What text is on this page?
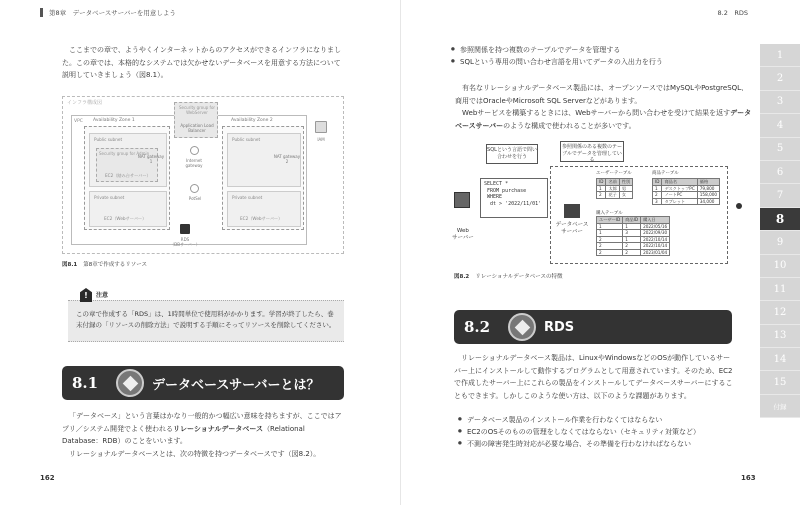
第8章　データベースサーバーを用意しよう

ここまでの章で、ようやくインターネットからのアクセスができるインフラになりました。この章では、本格的なシステムでは欠かせないデータベースを用意する方法について説明していきましょう（図8.1）。

インフラ構成図
VPC	Availability Zone 1
Public subnet
Security group for Admin
EC2（踏み台サーバー）
Private subnet
EC2（Webサーバー）
Availability Zone 2
Public subnet
Private subnet
EC2（Webサーバー）
Security group for WebServer
Application Load Balancer
Internet gateway
PotSel
NAT gateway 1
NAT gateway 2
IAM
RDS
（DBサーバー）
図8.1 第8章で作成するリソース
!	注意
この章で作成する「RDS」は、1時間単位で使用料がかかります。学習が終了したら、巻末付録の「リソースの削除方法」で説明する手順にそってリソースを削除してください。
8.1	データベースサーバーとは？

「データベース」という言葉はかなり一般的かつ幅広い意味を持ちますが、ここではアプリ／システム開発でよく使われるリレーショナルデータベース（Relational Database：RDB）のことをいいます。

リレーショナルデータベースとは、次の特徴を持つデータベースです（図8.2）。

162
8.2　RDS
● 参照関係を持つ複数のテーブルでデータを管理する
● SQLという専用の問い合わせ言語を用いてデータの入出力を行う

有名なリレーショナルデータベース製品には、オープンソースではMySQLやPostgreSQL、商用ではOracleやMicrosoft SQL Serverなどがあります。

Webサービスを構築するときには、Webサーバーから問い合わせを受けて結果を返すデータベースサーバーのような構成で使われることが多いです。

163
SQLという言語で問い合わせを行う
参照関係のある複数のテーブルでデータを管理している
SELECT *
FROM purchase
WHERE
dt > '2022/11/01'
Web
サーバー
データベース
サーバー
ユーザーテーブル
ID	名前	性別
1	太郎	男
2	花子	女
商品テーブル
ID	商品名	価格
1	デスクトップPC	79,800
2	ノートPC	158,000
3	タブレット	34,000
購入テーブル
ユーザーID	商品ID	購入日
1	1	2022/05/16
1	3	2022/09/30
2	1	2022/10/14
2	2	2022/10/14
2	2	2023/01/04
図8.2 リレーショナルデータベースの特徴
8.2	RDS

リレーショナルデータベース製品は、LinuxやWindowsなどのOSが動作しているサーバー上にインストールして動作するプログラムとして用意されています。そのため、EC2で作成したサーバー上にこれらの製品をインストールしてデータベースサーバーにすることもできます。しかしこのような使い方は、以下のような課題があります。

● データベース製品のインストール作業を行わなくてはならない
● EC2のOSそのものの管理をしなくてはならない（セキュリティ対策など）
● 不測の障害発生時対応が必要な場合、その準備を行わなければならない
1
2
3
4
5
6
7
8
9
10
11
12
13
14
15
付録
